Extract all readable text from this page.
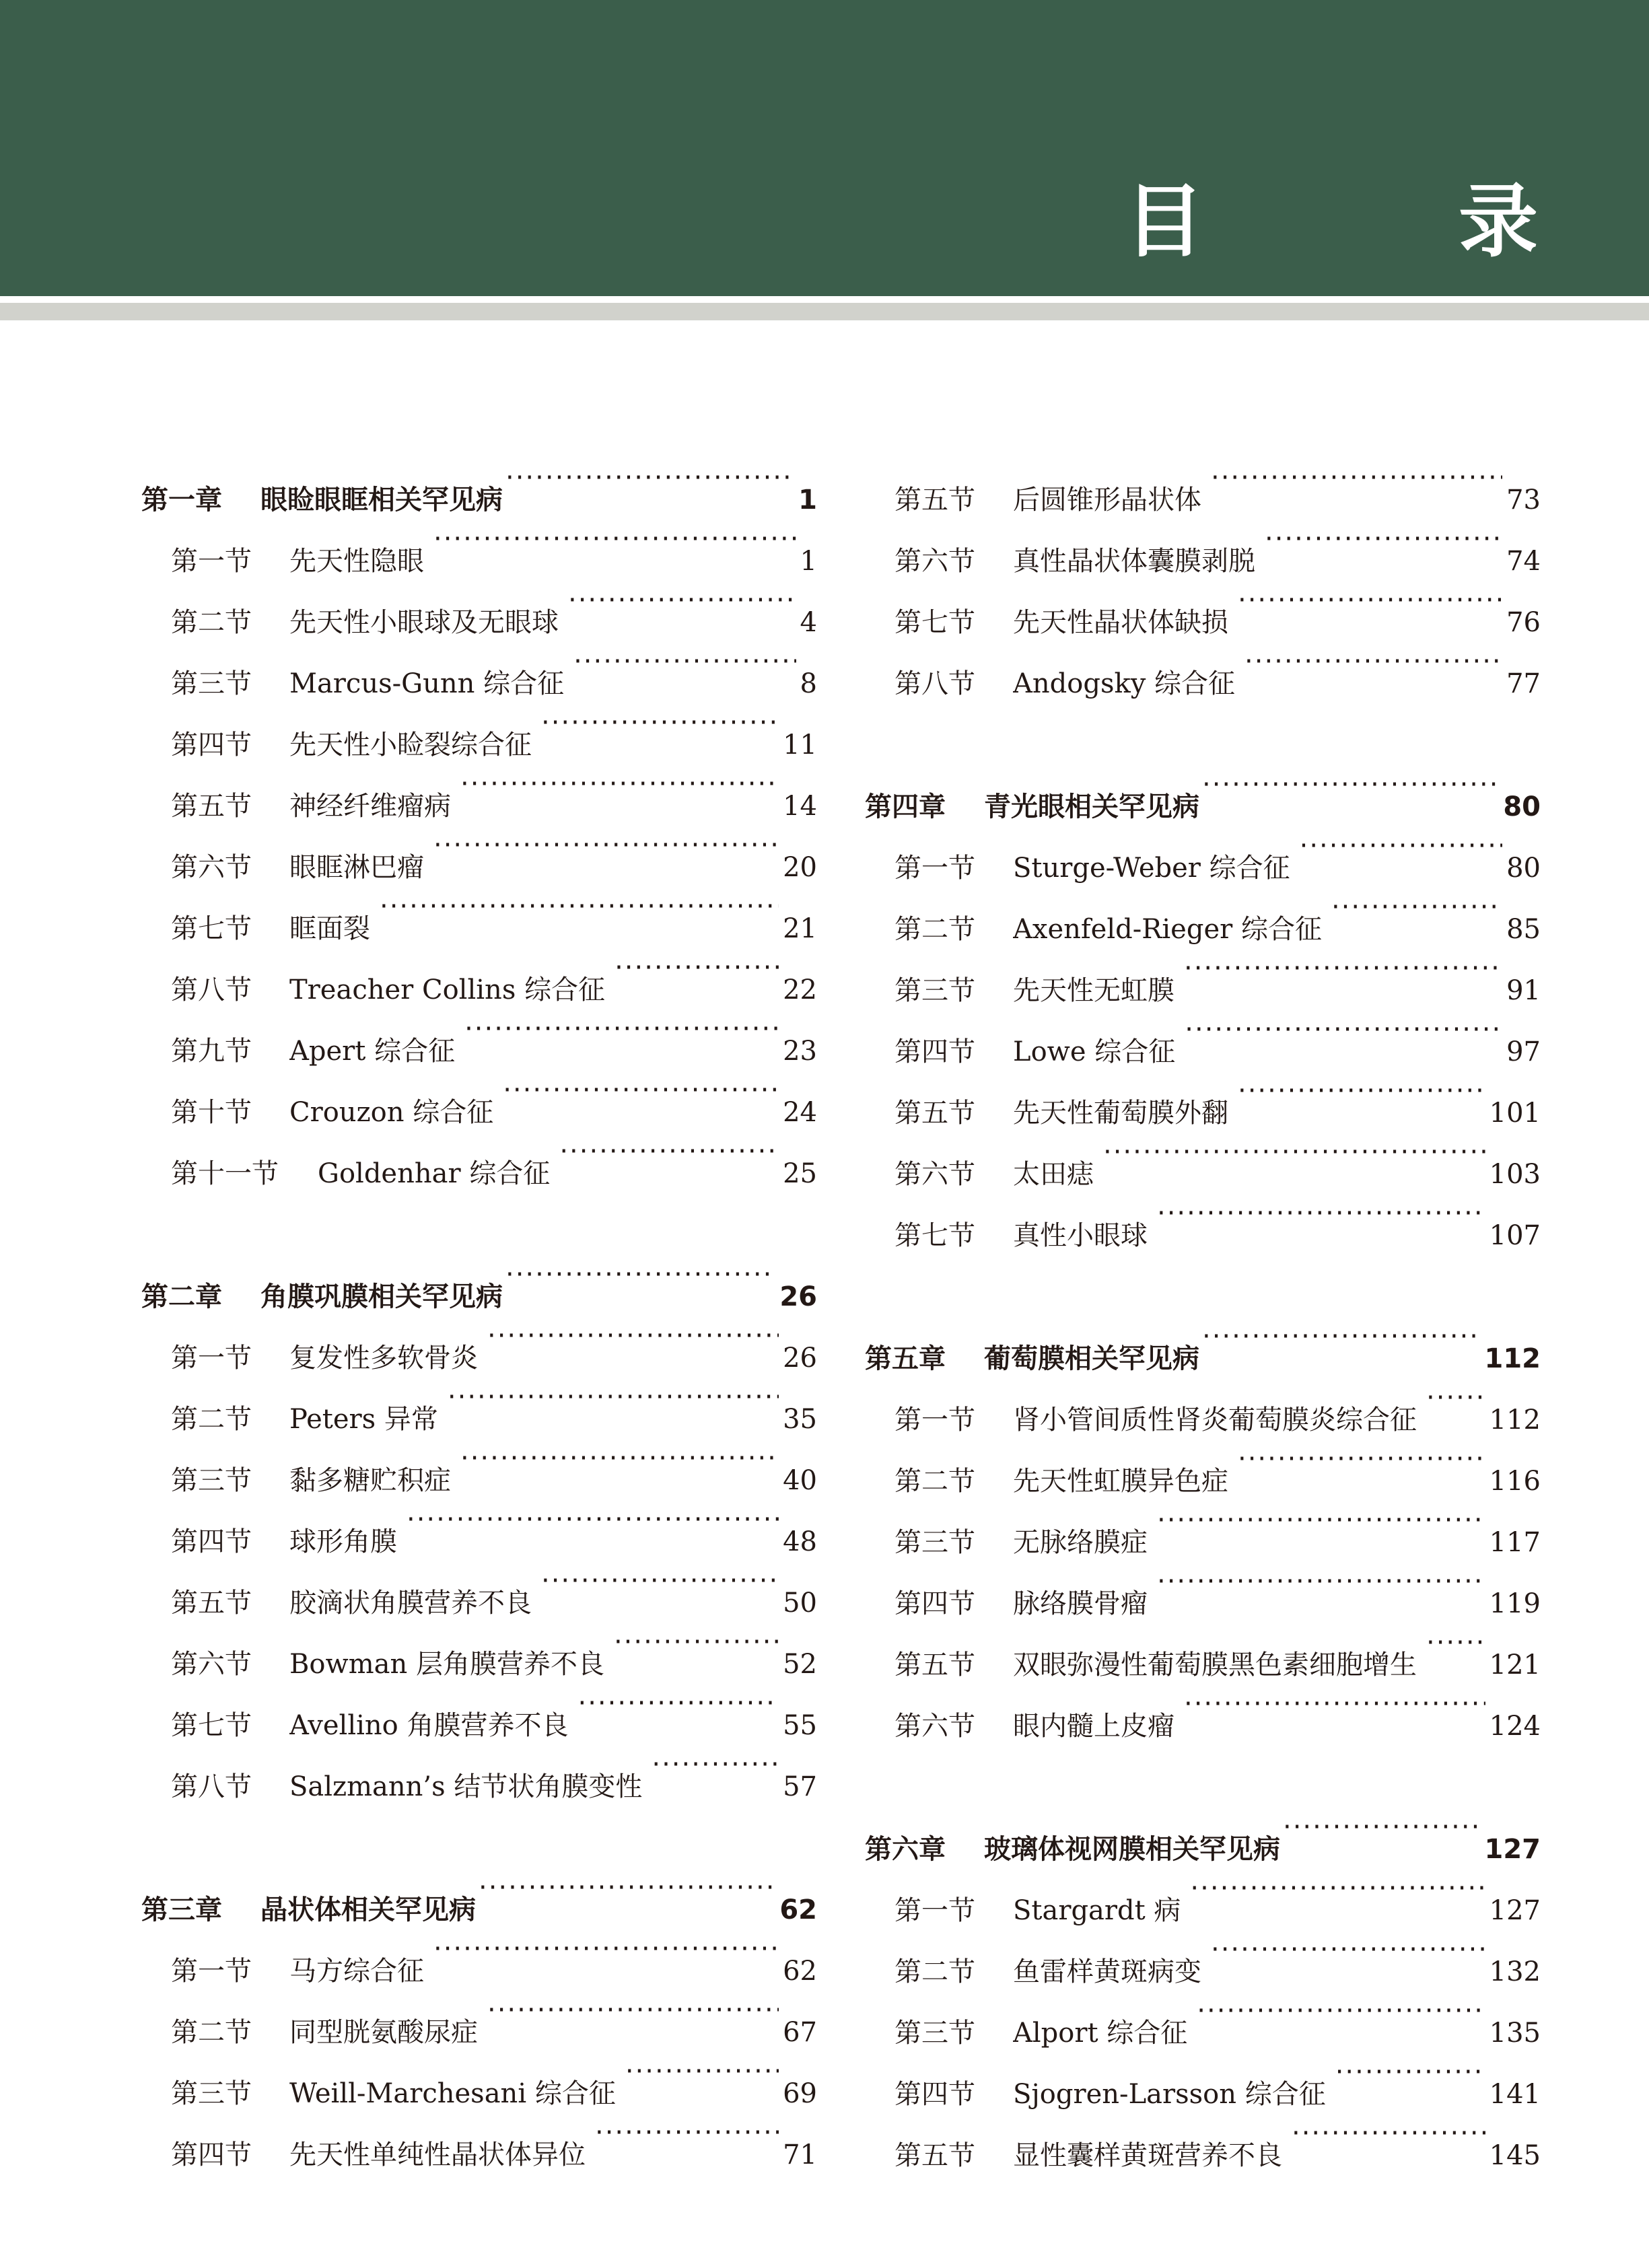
目　录
第一章	眼睑眼眶相关罕见病 ·····	1
第一节	先天性隐眼 ·····	1
第二节	先天性小眼球及无眼球 ·····	4
第三节	Marcus-Gunn 综合征 ·····	8
第四节	先天性小睑裂综合征 ·····	11
第五节	神经纤维瘤病 ·····	14
第六节	眼眶淋巴瘤 ·····	20
第七节	眶面裂 ·····	21
第八节	Treacher Collins 综合征 ·····	22
第九节	Apert 综合征 ·····	23
第十节	Crouzon 综合征 ·····	24
第十一节	Goldenhar 综合征 ·····	25
第二章	角膜巩膜相关罕见病 ·····	26
第一节	复发性多软骨炎 ·····	26
第二节	Peters 异常 ·····	35
第三节	黏多糖贮积症 ·····	40
第四节	球形角膜 ·····	48
第五节	胶滴状角膜营养不良 ·····	50
第六节	Bowman 层角膜营养不良 ·····	52
第七节	Avellino 角膜营养不良 ·····	55
第八节	Salzmann’s 结节状角膜变性 ·····	57
第三章	晶状体相关罕见病 ·····	62
第一节	马方综合征 ·····	62
第二节	同型胱氨酸尿症 ·····	67
第三节	Weill-Marchesani 综合征 ·····	69
第四节	先天性单纯性晶状体异位 ·····	71
第五节	后圆锥形晶状体 ·····	73
第六节	真性晶状体囊膜剥脱 ·····	74
第七节	先天性晶状体缺损 ·····	76
第八节	Andogsky 综合征 ·····	77
第四章	青光眼相关罕见病 ·····	80
第一节	Sturge-Weber 综合征 ·····	80
第二节	Axenfeld-Rieger 综合征 ·····	85
第三节	先天性无虹膜 ·····	91
第四节	Lowe 综合征 ·····	97
第五节	先天性葡萄膜外翻 ·····	101
第六节	太田痣 ·····	103
第七节	真性小眼球 ·····	107
第五章	葡萄膜相关罕见病 ·····	112
第一节	肾小管间质性肾炎葡萄膜炎综合征 ·····	112
第二节	先天性虹膜异色症 ·····	116
第三节	无脉络膜症 ·····	117
第四节	脉络膜骨瘤 ·····	119
第五节	双眼弥漫性葡萄膜黑色素细胞增生 ·····	121
第六节	眼内髓上皮瘤 ·····	124
第六章	玻璃体视网膜相关罕见病 ·····	127
第一节	Stargardt 病 ·····	127
第二节	鱼雷样黄斑病变 ·····	132
第三节	Alport 综合征 ·····	135
第四节	Sjogren-Larsson 综合征 ·····	141
第五节	显性囊样黄斑营养不良 ·····	145
